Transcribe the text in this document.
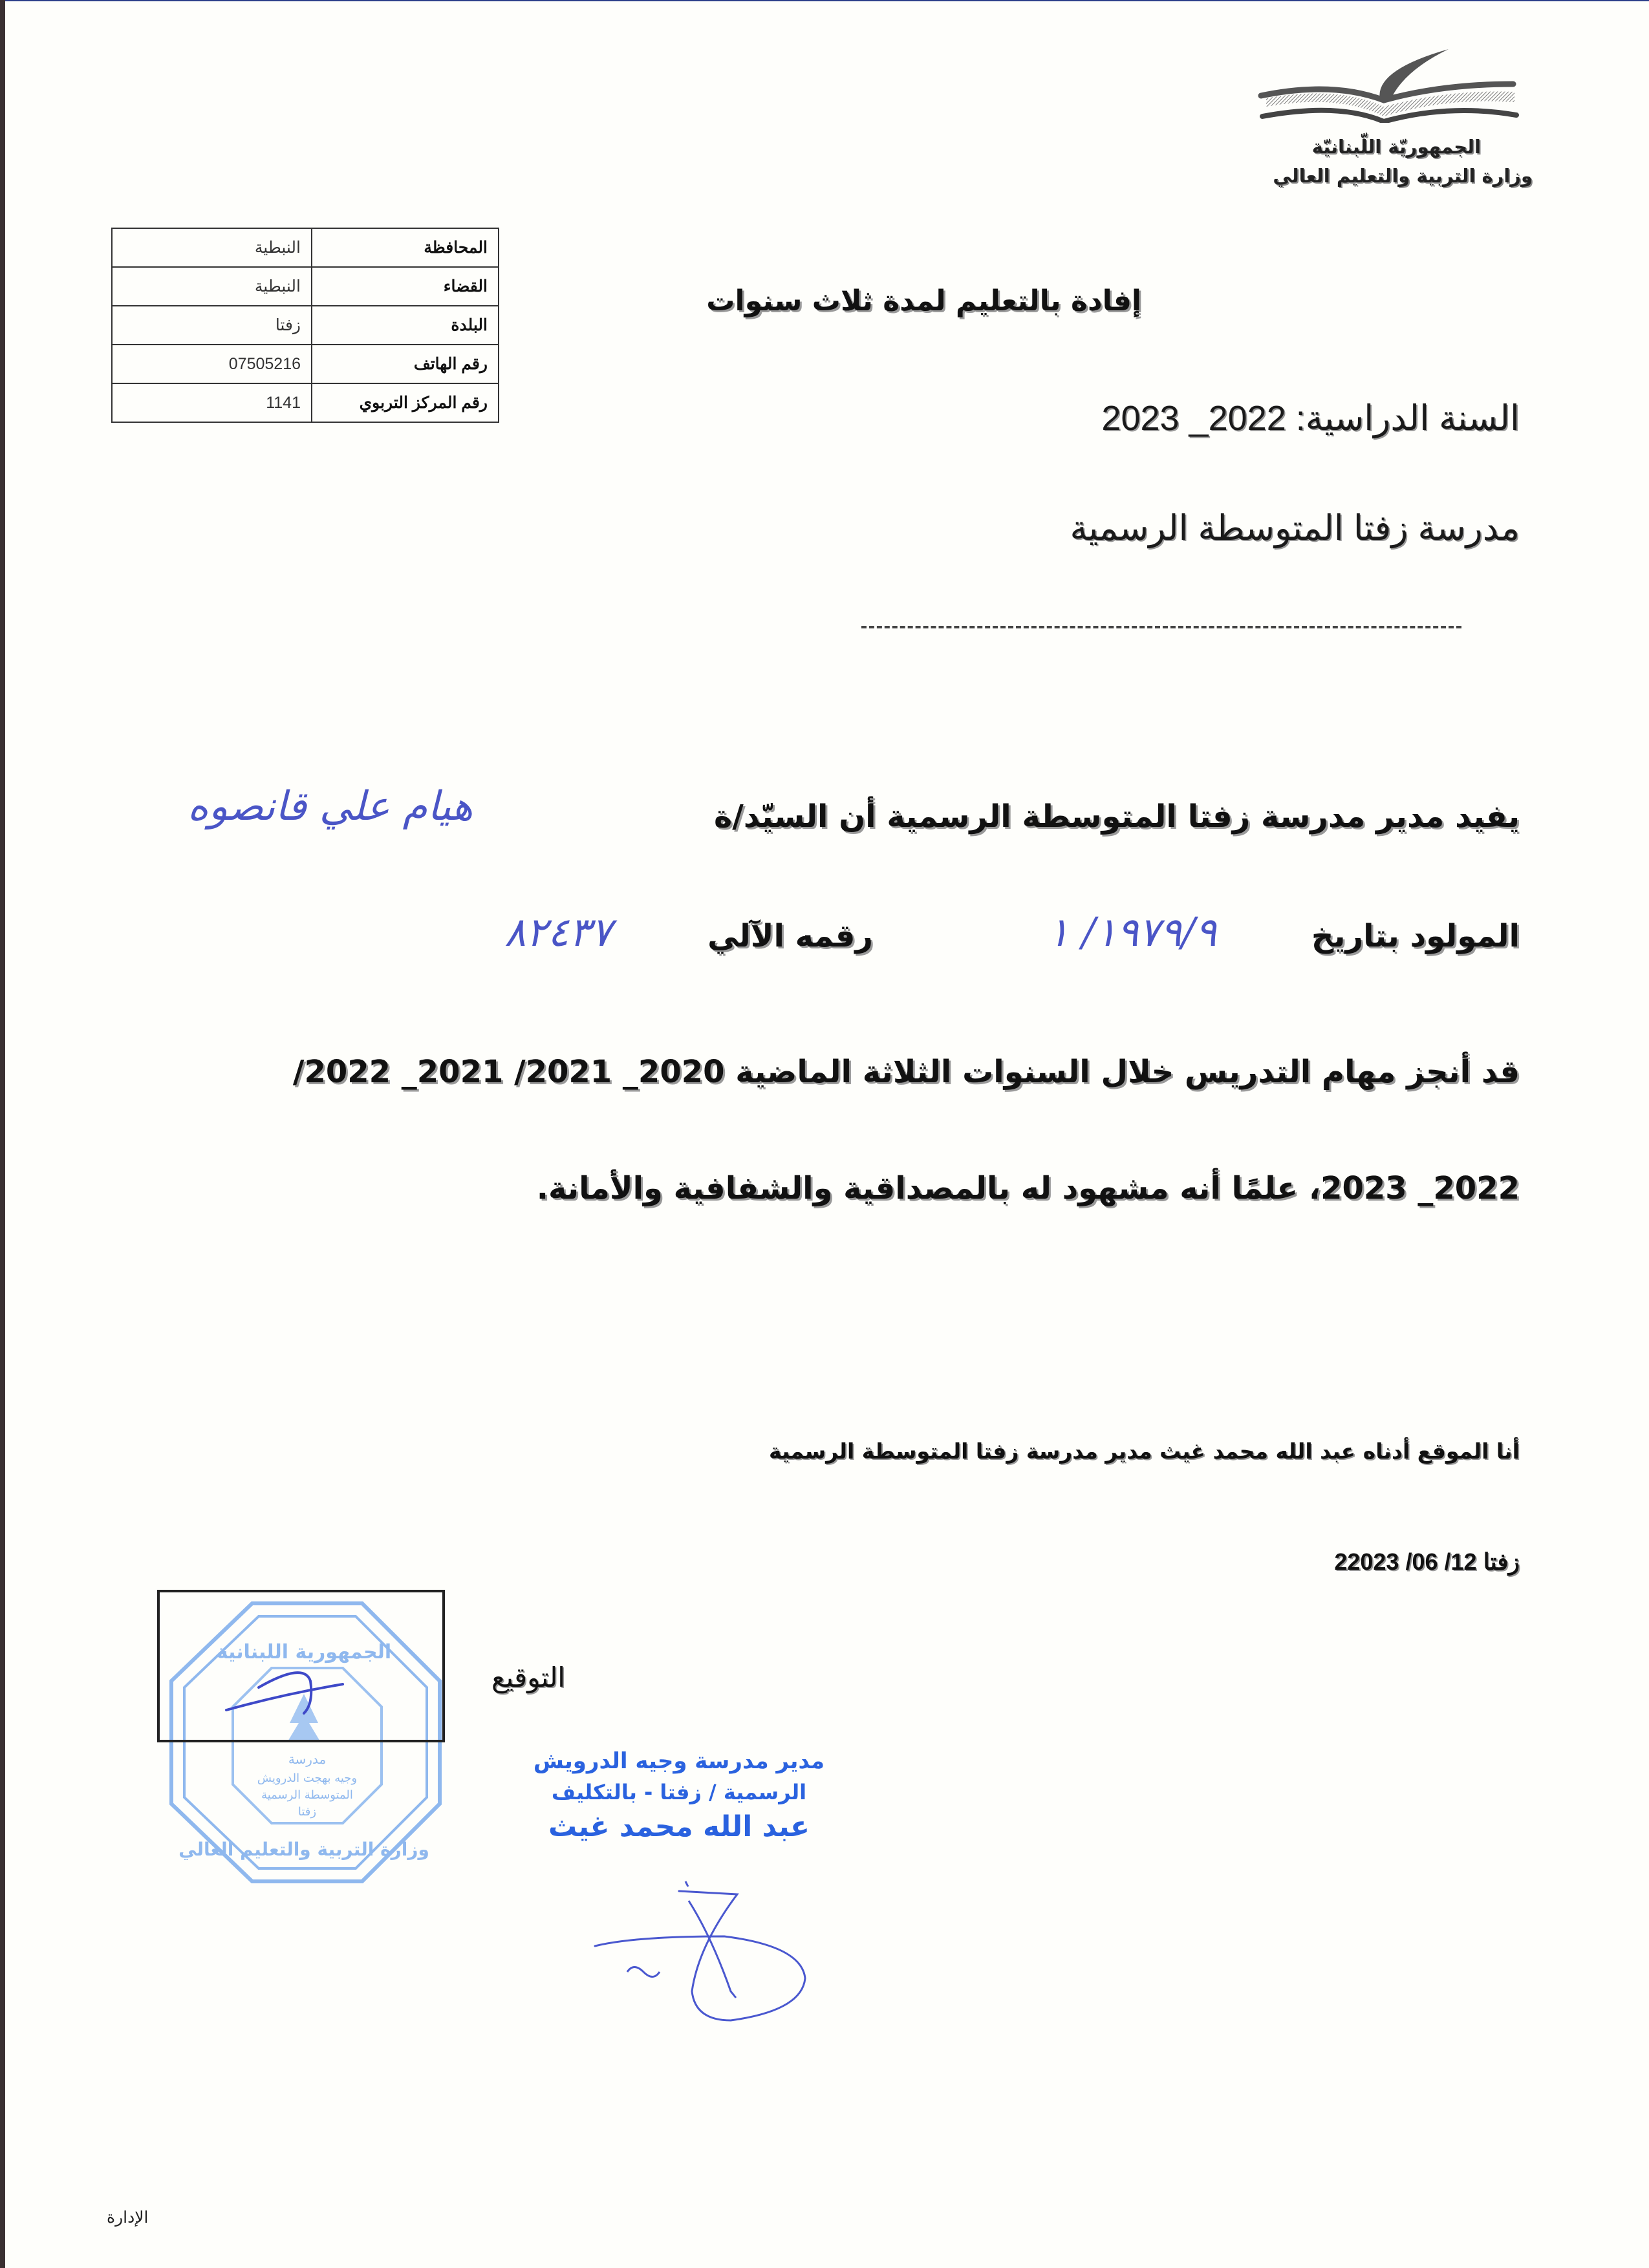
الجمهوريّة اللّبنانيّة
وزارة التربية والتعليم العالي
المحافظة	النبطية
القضاء	النبطية
البلدة	زفتا
رقم الهاتف	07505216
رقم المركز التربوي	1141
إفادة بالتعليم لمدة ثلاث سنوات
السنة الدراسية: 2022_ 2023
مدرسة زفتا المتوسطة الرسمية
يفيد مدير مدرسة زفتا المتوسطة الرسمية أن السيّد/ة
هيام علي قانصوه
المولود بتاريخ
١٩٧٩/٩/ ١
رقمه الآلي
٨٢٤٣٧
قد أنجز مهام التدريس خلال السنوات الثلاثة الماضية 2020_ 2021/ 2021_ 2022/
2022_ 2023، علمًا أنه مشهود له بالمصداقية والشفافية والأمانة.
أنا الموقع أدناه عبد الله محمد غيث مدير مدرسة زفتا المتوسطة الرسمية
زفتا 12/ 06/ 22023
الجمهورية اللبنانية
وزارة التربية والتعليم العالي
مدرسة
وجيه بهجت الدرويش
المتوسطة الرسمية
زفتا
التوقيع
مدير مدرسة وجيه الدرويش
الرسمية / زفتا - بالتكليف
عبد الله محمد غيث
الإدارة
